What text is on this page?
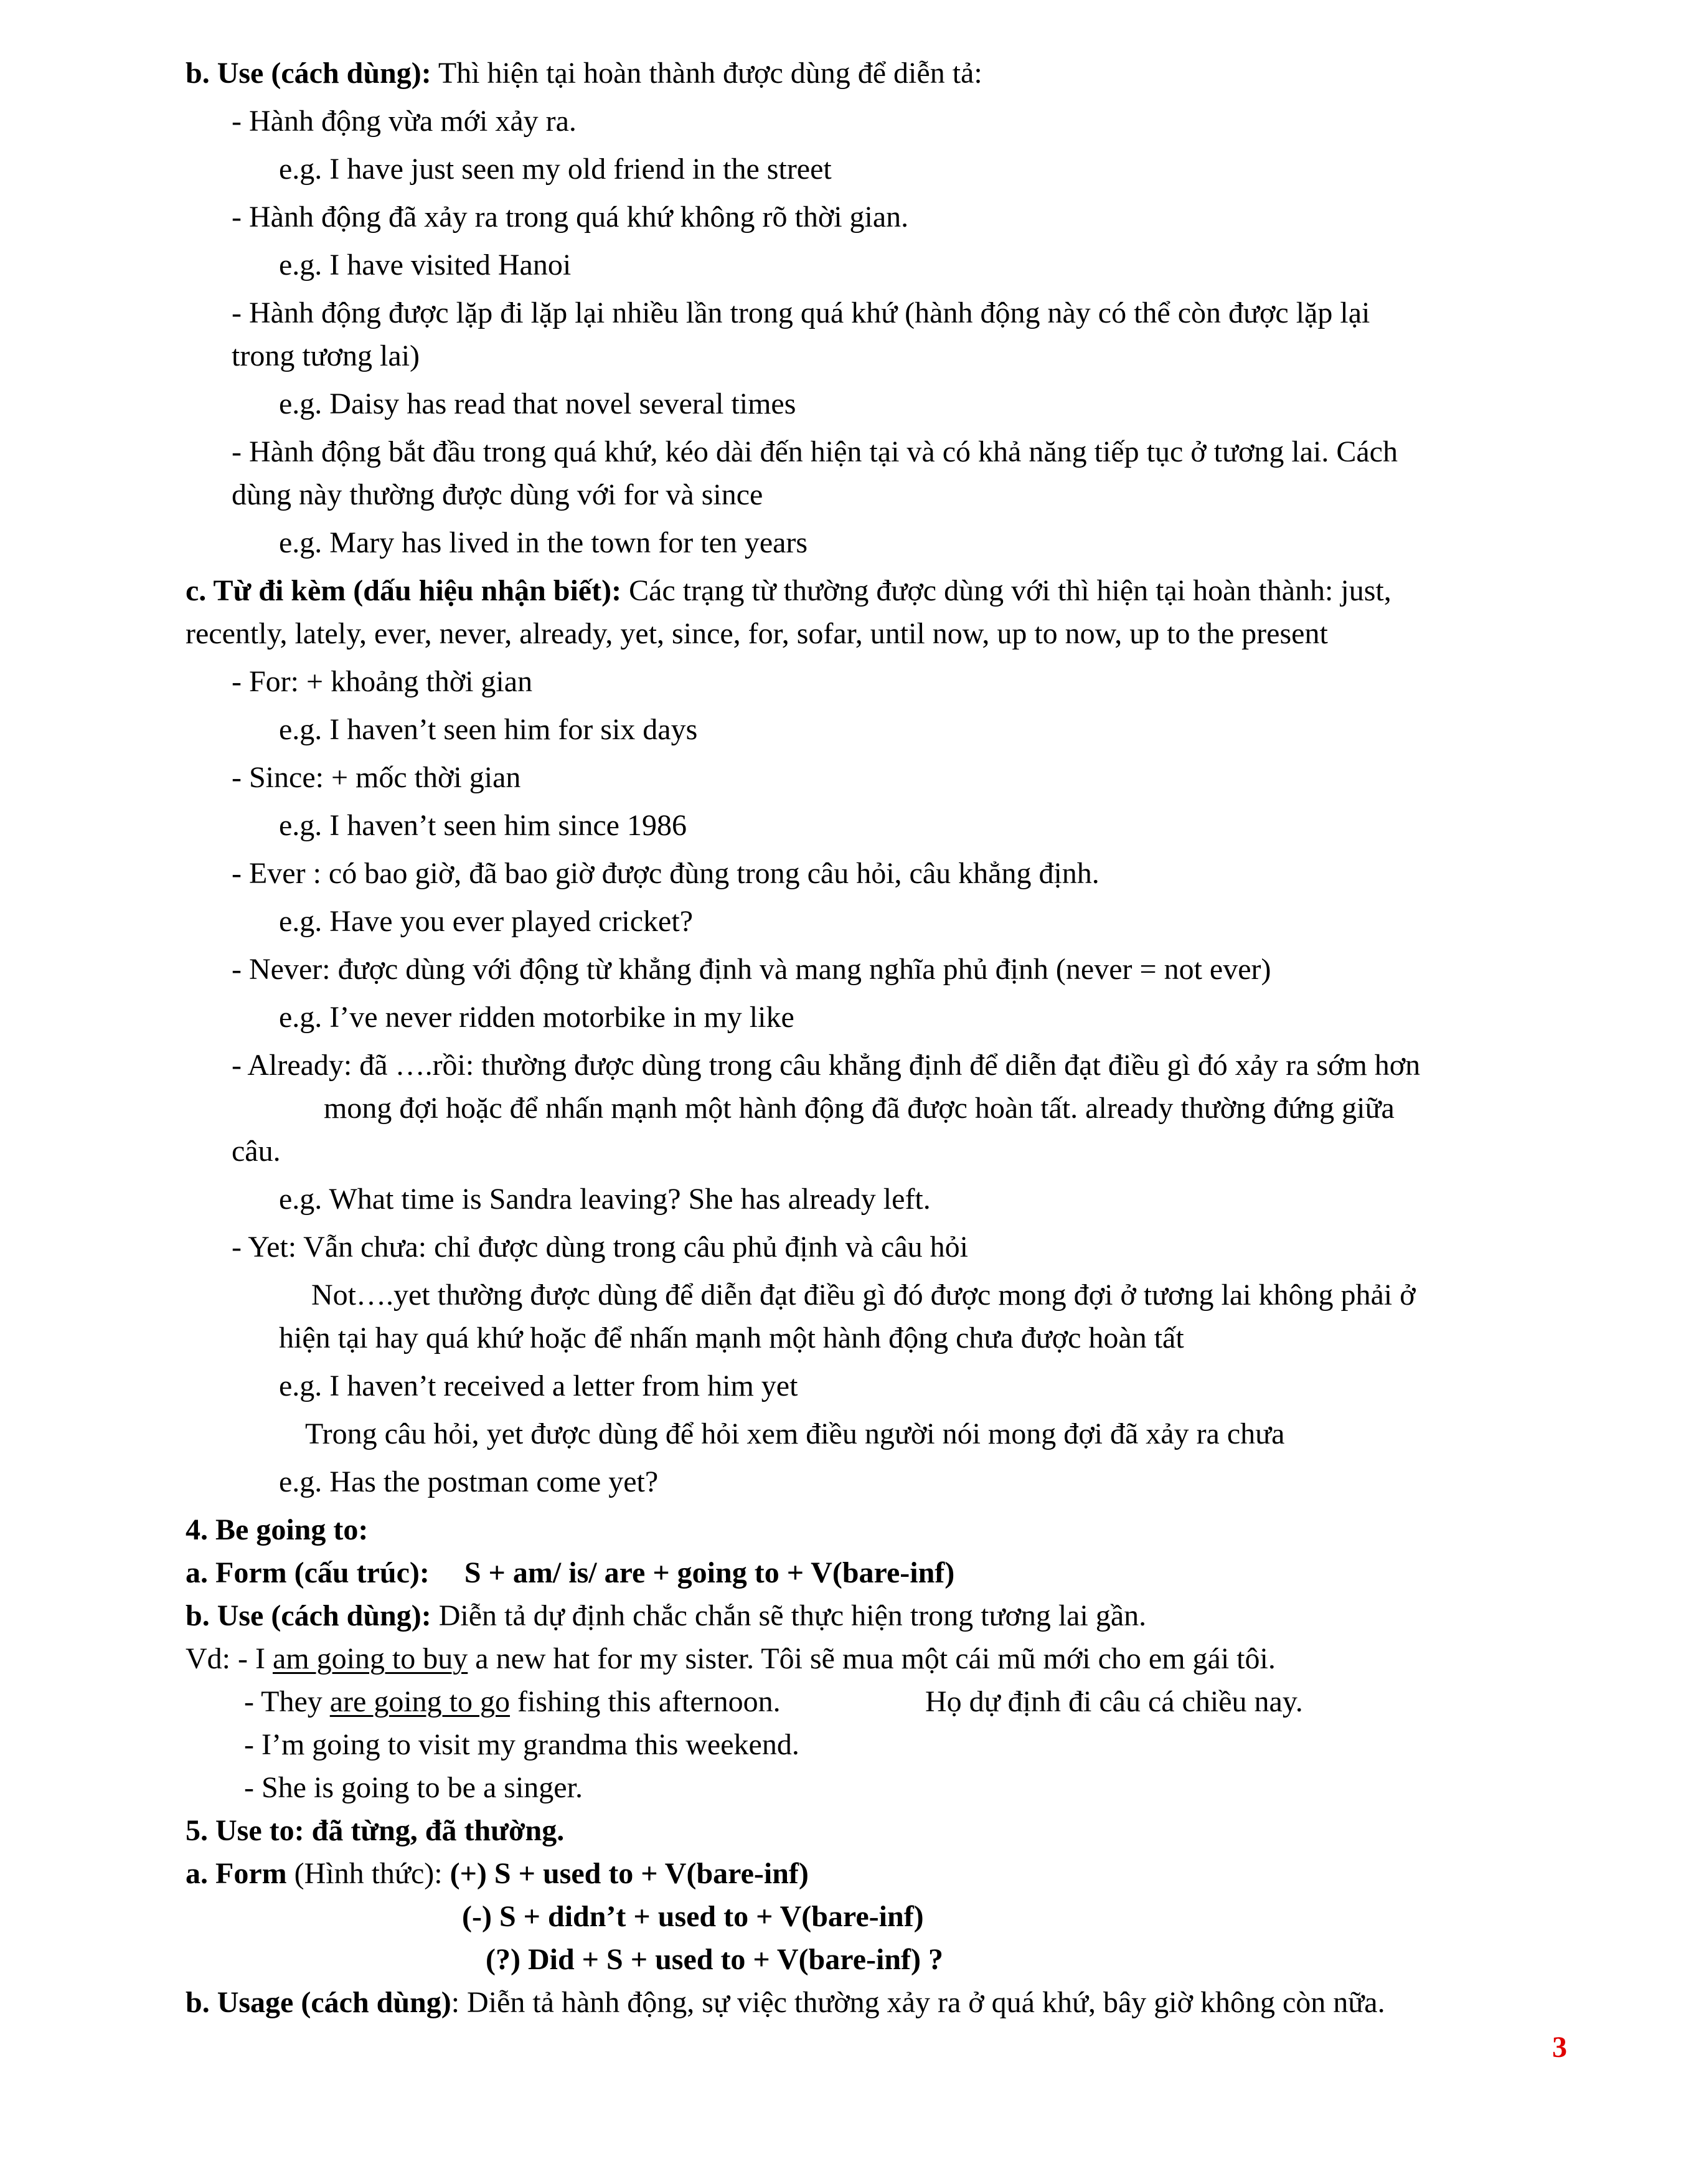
b. Use (cách dùng): Thì hiện tại hoàn thành được dùng để diễn tả:
- Hành động vừa mới xảy ra.
e.g. I have just seen my old friend in the street
- Hành động đã xảy ra trong quá khứ không rõ thời gian.
e.g. I have visited Hanoi
- Hành động được lặp đi lặp lại nhiều lần trong quá khứ (hành động này có thể còn được lặp lại
trong tương lai)
e.g. Daisy has read that novel several times
- Hành động bắt đầu trong quá khứ, kéo dài đến hiện tại và có khả năng tiếp tục ở tương lai. Cách
dùng này thường được dùng với for và since
e.g. Mary has lived in the town for ten years
c. Từ đi kèm (dấu hiệu nhận biết): Các trạng từ thường được dùng với thì hiện tại hoàn thành: just,
recently, lately, ever, never, already, yet, since, for, sofar, until now, up to now, up to the present
- For: + khoảng thời gian
e.g. I haven’t seen him for six days
- Since: + mốc thời gian
e.g. I haven’t seen him since 1986
- Ever : có bao giờ, đã bao giờ được đùng trong câu hỏi, câu khẳng định.
e.g. Have you ever played cricket?
- Never: được dùng với động từ khẳng định và mang nghĩa phủ định (never = not ever)
e.g. I’ve never ridden motorbike in my like
- Already: đã ….rồi: thường được dùng trong câu khẳng định để diễn đạt điều gì đó xảy ra sớm hơn
mong đợi hoặc để nhấn mạnh một hành động đã được hoàn tất. already thường đứng giữa
câu.
e.g. What time is Sandra leaving? She has already left.
- Yet: Vẫn chưa: chỉ được dùng trong câu phủ định và câu hỏi
Not….yet thường được dùng để diễn đạt điều gì đó được mong đợi ở tương lai không phải ở
hiện tại hay quá khứ hoặc để nhấn mạnh một hành động chưa được hoàn tất
e.g. I haven’t received a letter from him yet
Trong câu hỏi, yet được dùng để hỏi xem điều người nói mong đợi đã xảy ra chưa
e.g. Has the postman come yet?
4. Be going to:
a. Form (cấu trúc): S + am/ is/ are + going to + V(bare-inf)
b. Use (cách dùng): Diễn tả dự định chắc chắn sẽ thực hiện trong tương lai gần.
Vd: - I am going to buy a new hat for my sister. Tôi sẽ mua một cái mũ mới cho em gái tôi.
- They are going to go fishing this afternoon.	Họ dự định đi câu cá chiều nay.
- I’m going to visit my grandma this weekend.
- She is going to be a singer.
5. Use to: đã từng, đã thường.
a. Form (Hình thức): (+) S + used to + V(bare-inf)
(-) S + didn’t + used to + V(bare-inf)
(?) Did + S + used to + V(bare-inf) ?
b. Usage (cách dùng): Diễn tả hành động, sự việc thường xảy ra ở quá khứ, bây giờ không còn nữa.
3
